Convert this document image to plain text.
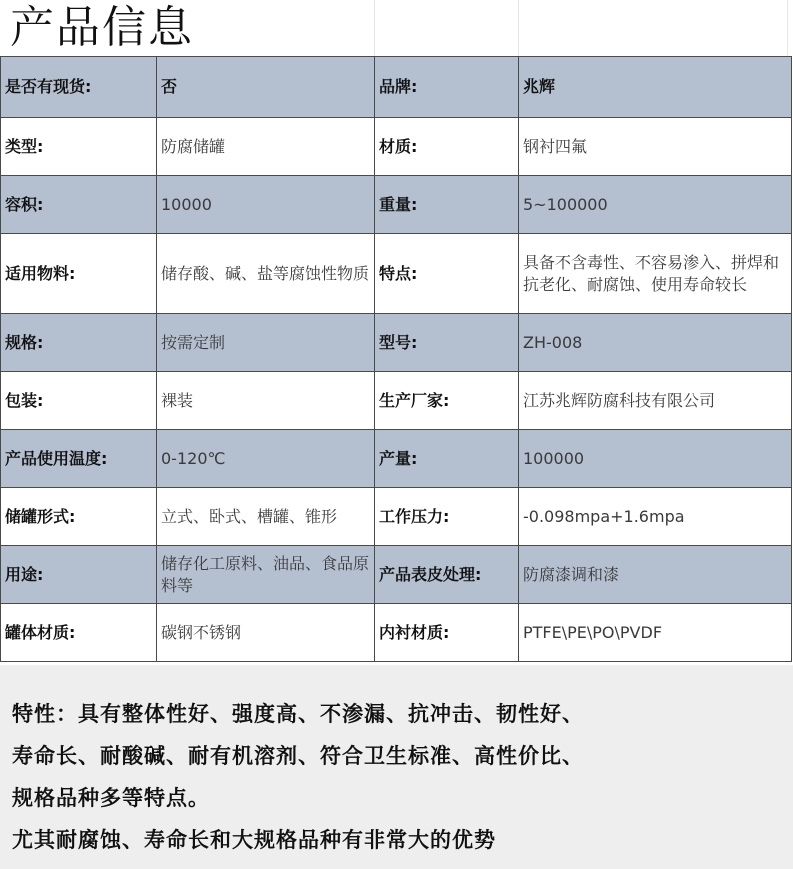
产品信息
是否有现货:	否	品牌:	兆辉
类型:	防腐储罐	材质:	钢衬四氟
容积:	10000	重量:	5~100000
适用物料:	储存酸、碱、盐等腐蚀性物质	特点:	具备不含毒性、不容易渗入、拼焊和抗老化、耐腐蚀、使用寿命较长
规格:	按需定制	型号:	ZH-008
包装:	裸装	生产厂家:	江苏兆辉防腐科技有限公司
产品使用温度:	0-120℃	产量:	100000
储罐形式:	立式、卧式、槽罐、锥形	工作压力:	-0.098mpa+1.6mpa
用途:	储存化工原料、油品、食品原料等	产品表皮处理:	防腐漆调和漆
罐体材质:	碳钢不锈钢	内衬材质:	PTFE\PE\PO\PVDF
特性：具有整体性好、强度高、不渗漏、抗冲击、韧性好、
寿命长、耐酸碱、耐有机溶剂、符合卫生标准、高性价比、
规格品种多等特点。
尤其耐腐蚀、寿命长和大规格品种有非常大的优势
